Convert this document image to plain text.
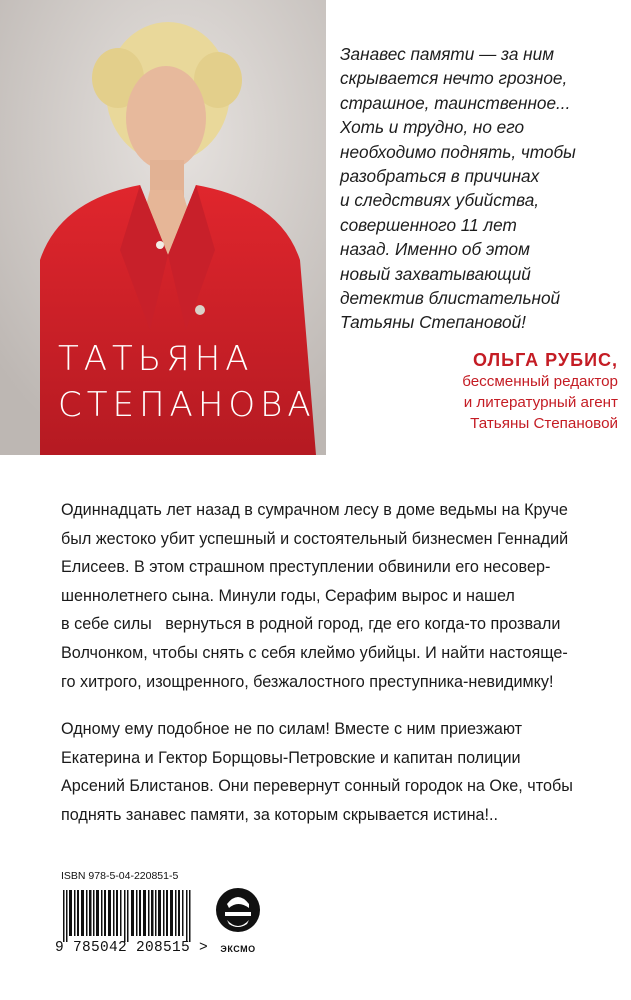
ТАТЬЯНА
СТЕПАНОВА
Занавес памяти — за ним
скрывается нечто грозное,
страшное, таинственное...
Хоть и трудно, но его
необходимо поднять, чтобы
разобраться в причинах
и следствиях убийства,
совершенного 11 лет
назад. Именно об этом
новый захватывающий
детектив блистательной
Татьяны Степановой!
ОЛЬГА РУБИС,
бессменный редактор
и литературный агент
Татьяны Степановой
Одиннадцать лет назад в сумрачном лесу в доме ведьмы на Круче
был жестоко убит успешный и состоятельный бизнесмен Геннадий
Елисеев. В этом страшном преступлении обвинили его несовер-
шеннолетнего сына. Минули годы, Серафим вырос и нашел
в себе силы   вернуться в родной город, где его когда-то прозвали
Волчонком, чтобы снять с себя клеймо убийцы. И найти настояще-
го хитрого, изощренного, безжалостного преступника-невидимку!
Одному ему подобное не по силам! Вместе с ним приезжают
Екатерина и Гектор Борщовы-Петровские и капитан полиции
Арсений Блистанов. Они перевернут сонный городок на Оке, чтобы
поднять занавес памяти, за которым скрывается истина!..
ISBN 978-5-04-220851-5
9 785042 208515 >	ЭКСМО
